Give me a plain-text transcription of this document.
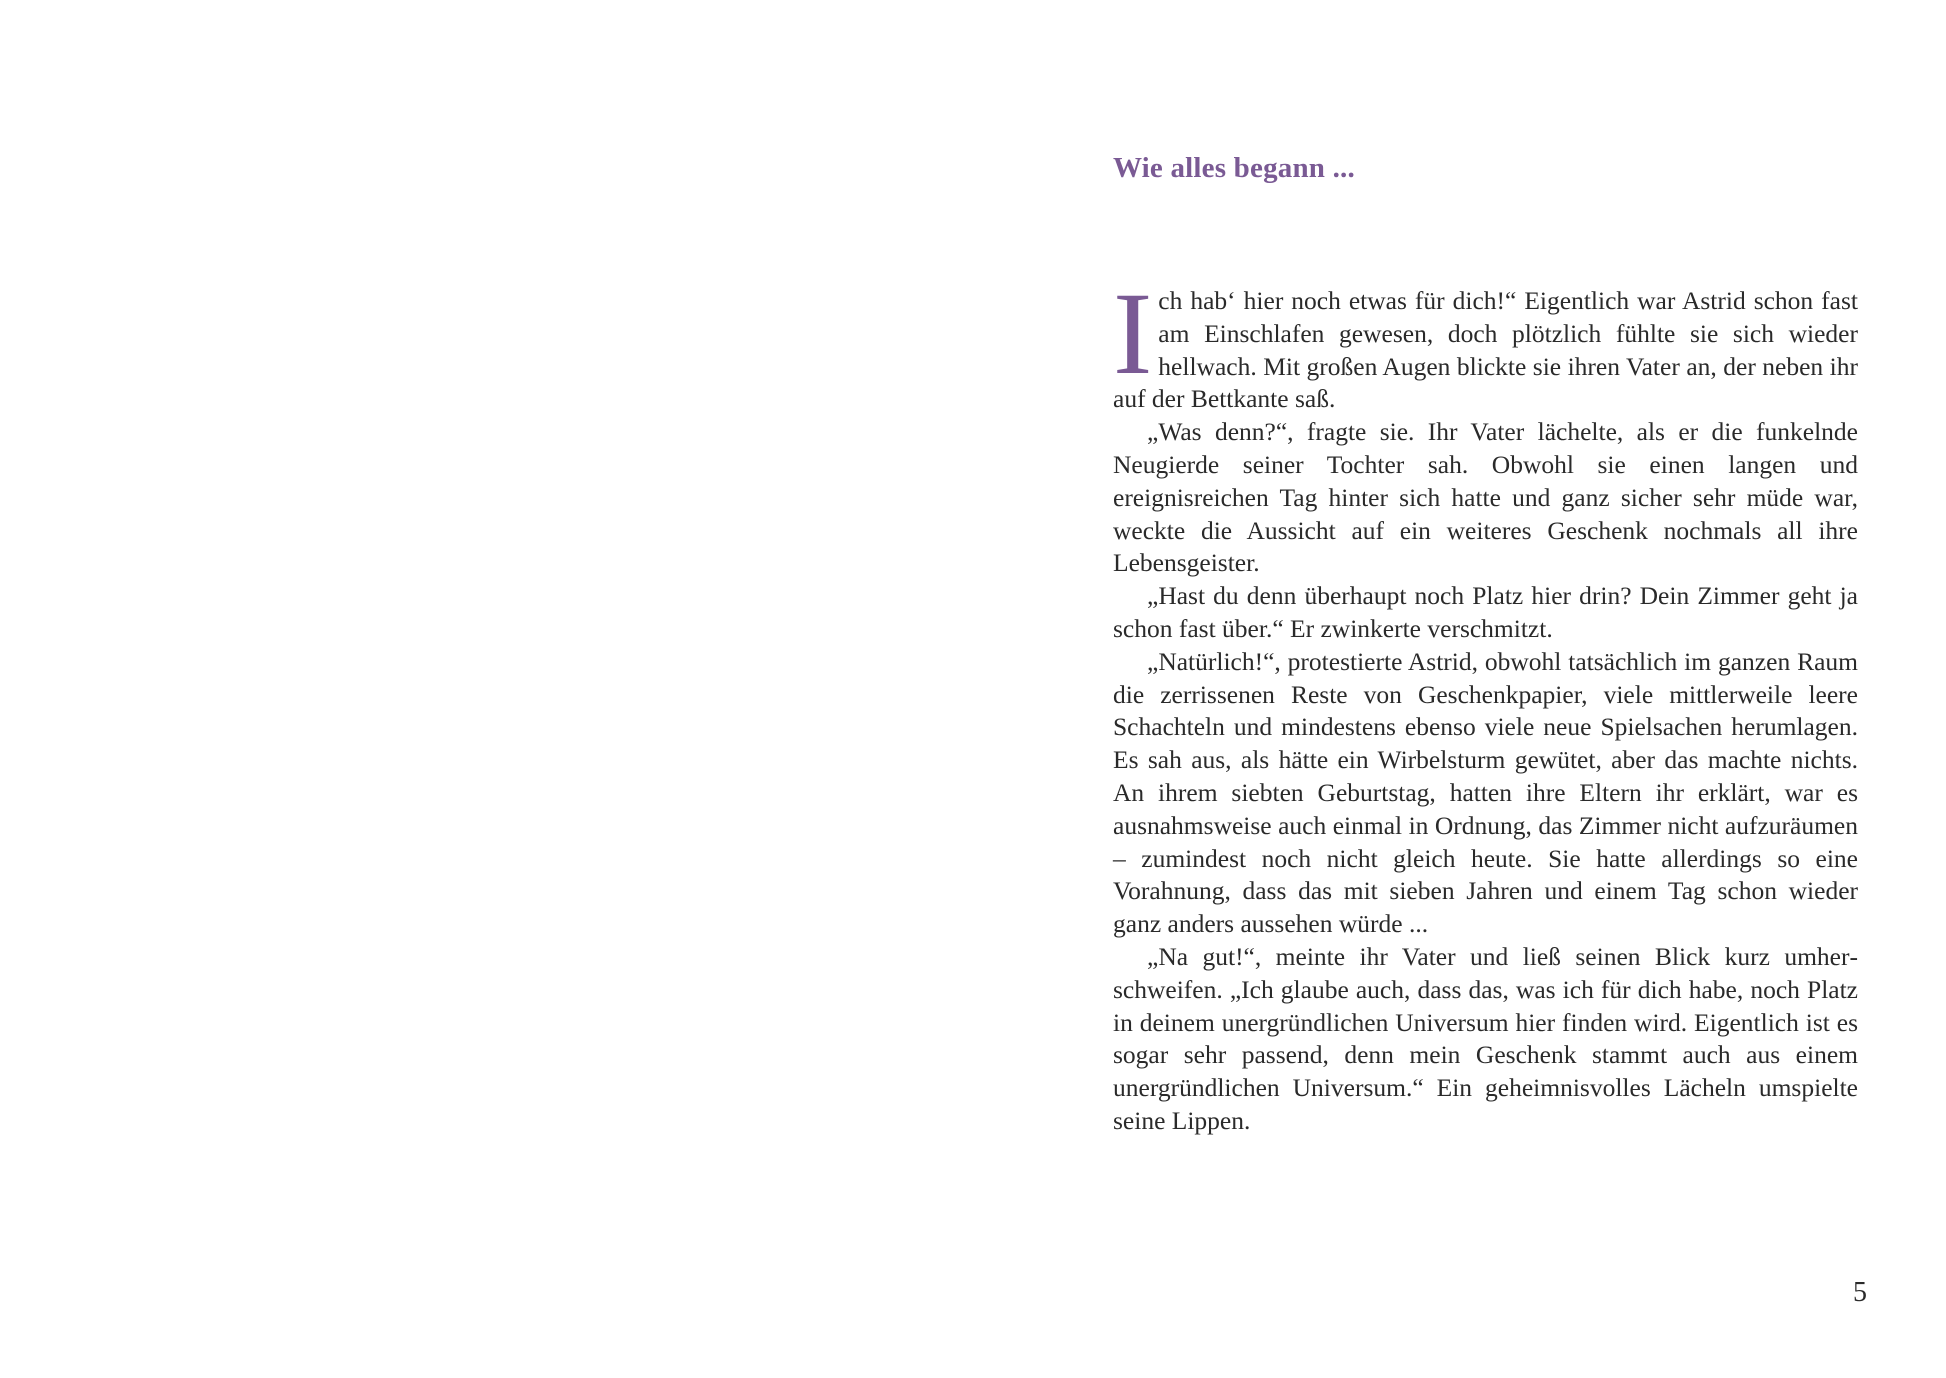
Wie alles begann ...

Ich hab‘ hier noch etwas für dich!“ Eigentlich war Astrid schon fast am Einschlafen gewesen, doch plötzlich fühlte sie sich wieder hellwach. Mit großen Augen blickte sie ihren Vater an, der neben ihr auf der Bettkante saß.

„Was denn?“, fragte sie. Ihr Vater lächelte, als er die funkelnde Neugierde seiner Tochter sah. Obwohl sie einen langen und ereignisreichen Tag hinter sich hatte und ganz sicher sehr müde war, weckte die Aussicht auf ein weiteres Geschenk nochmals all ihre Lebensgeister.

„Hast du denn überhaupt noch Platz hier drin? Dein Zimmer geht ja schon fast über.“ Er zwinkerte verschmitzt.

„Natürlich!“, protestierte Astrid, obwohl tatsächlich im ganzen Raum die zerrissenen Reste von Geschenkpapier, viele mittlerweile leere Schachteln und mindestens ebenso viele neue Spielsachen herumlagen. Es sah aus, als hätte ein Wirbelsturm gewütet, aber das machte nichts. An ihrem siebten Geburtstag, hatten ihre Eltern ihr erklärt, war es ausnahmsweise auch einmal in Ordnung, das Zimmer nicht aufzuräumen – zumindest noch nicht gleich heute. Sie hatte allerdings so eine Vorahnung, dass das mit sieben Jahren und einem Tag schon wieder ganz anders aussehen würde ...

„Na gut!“, meinte ihr Vater und ließ seinen Blick kurz umherschweifen. „Ich glaube auch, dass das, was ich für dich habe, noch Platz in deinem unergründlichen Universum hier finden wird. Eigentlich ist es sogar sehr passend, denn mein Geschenk stammt auch aus einem unergründlichen Universum.“ Ein geheimnisvolles Lächeln umspielte seine Lippen.

5
